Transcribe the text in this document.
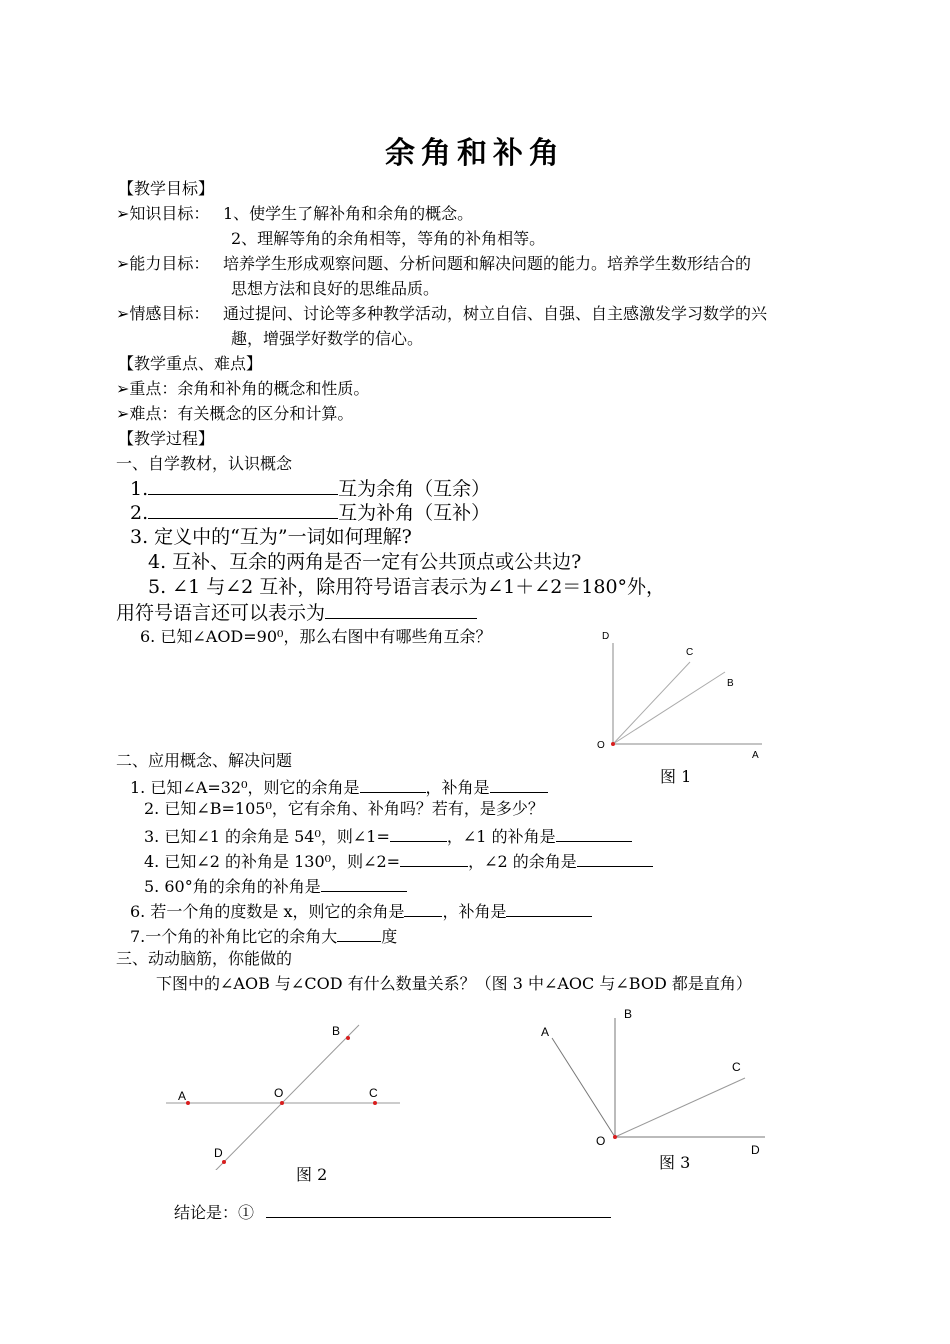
余角和补角
【教学目标】
➢知识目标： 1、使学生了解补角和余角的概念。
2、理解等角的余角相等，等角的补角相等。
➢能力目标： 培养学生形成观察问题、分析问题和解决问题的能力。培养学生数形结合的
思想方法和良好的思维品质。
➢情感目标： 通过提问、讨论等多种教学活动，树立自信、自强、自主感激发学习数学的兴
趣，增强学好数学的信心。
【教学重点、难点】
➢重点：余角和补角的概念和性质。
➢难点：有关概念的区分和计算。
【教学过程】
一、自学教材，认识概念
1.	互为余角（互余）
2.	互为补角（互补）
3. 定义中的“互为”一词如何理解?
4. 互补、互余的两角是否一定有公共顶点或公共边?
5. ∠1 与∠2 互补，除用符号语言表示为∠1＋∠2＝180°外，
用符号语言还可以表示为
6. 已知∠AOD=90⁰，那么右图中有哪些角互余？	D
C
B
O
A
图 1
二、应用概念、解决问题
1. 已知∠A=32⁰，则它的余角是	，补角是
2. 已知∠B=105⁰，它有余角、补角吗？若有，是多少？
3. 已知∠1 的余角是 54⁰，则∠1=	，∠1 的补角是
4. 已知∠2 的补角是 130⁰，则∠2=	，∠2 的余角是
5. 60°角的余角的补角是
6. 若一个角的度数是 x，则它的余角是 ，补角是
7.一个角的补角比它的余角大	度
三、动动脑筋，你能做的
下图中的∠AOB 与∠COD 有什么数量关系？（图 3 中∠AOC 与∠BOD 都是直角）
A	O
B
C
D
图 2
A
B
C
O
D
图 3
结论是：①
